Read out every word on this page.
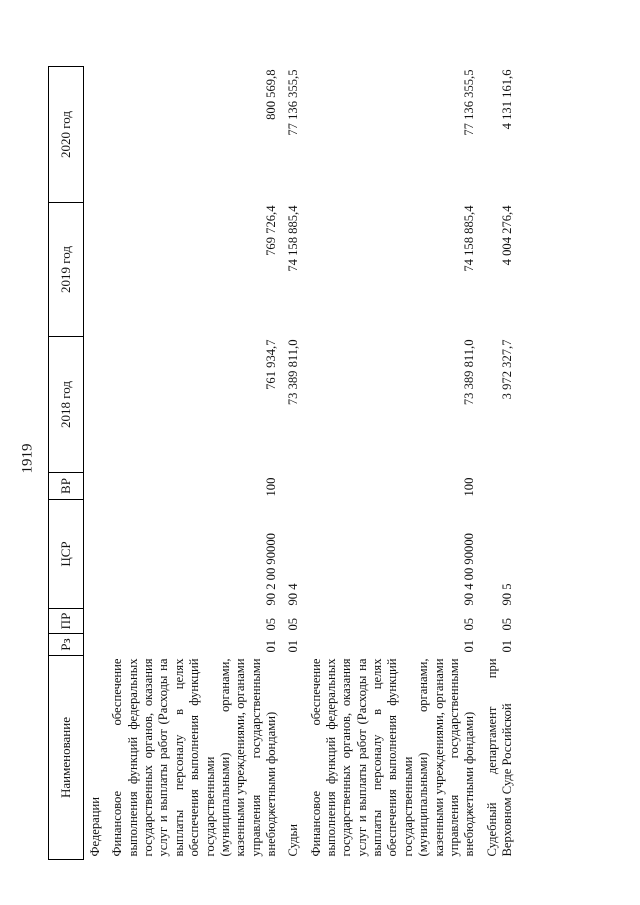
1919
Наименование	Рз	ПР	ЦСР	ВР	2018 год	2019 год	2020 год
Федерации							
Финансовое обеспечение выполнения функций федеральных государственных органов, оказания услуг и выплаты работ (Расходы на выплаты персоналу в целях обеспечения выполнения функций государственными (муниципальными) органами, казенными учреждениями, органами управления государственными внебюджетными фондами)	01	05	90 2 00 90000	100	761 934,7	769 726,4	800 569,8
Судьи	01	05	90 4		73 389 811,0	74 158 885,4	77 136 355,5
Финансовое обеспечение выполнения функций федеральных государственных органов, оказания услуг и выплаты работ (Расходы на выплаты персоналу в целях обеспечения выполнения функций государственными (муниципальными) органами, казенными учреждениями, органами управления государственными внебюджетными фондами)	01	05	90 4 00 90000	100	73 389 811,0	74 158 885,4	77 136 355,5
Судебный департамент при Верховном Суде Российской	01	05	90 5		3 972 327,7	4 004 276,4	4 131 161,6
